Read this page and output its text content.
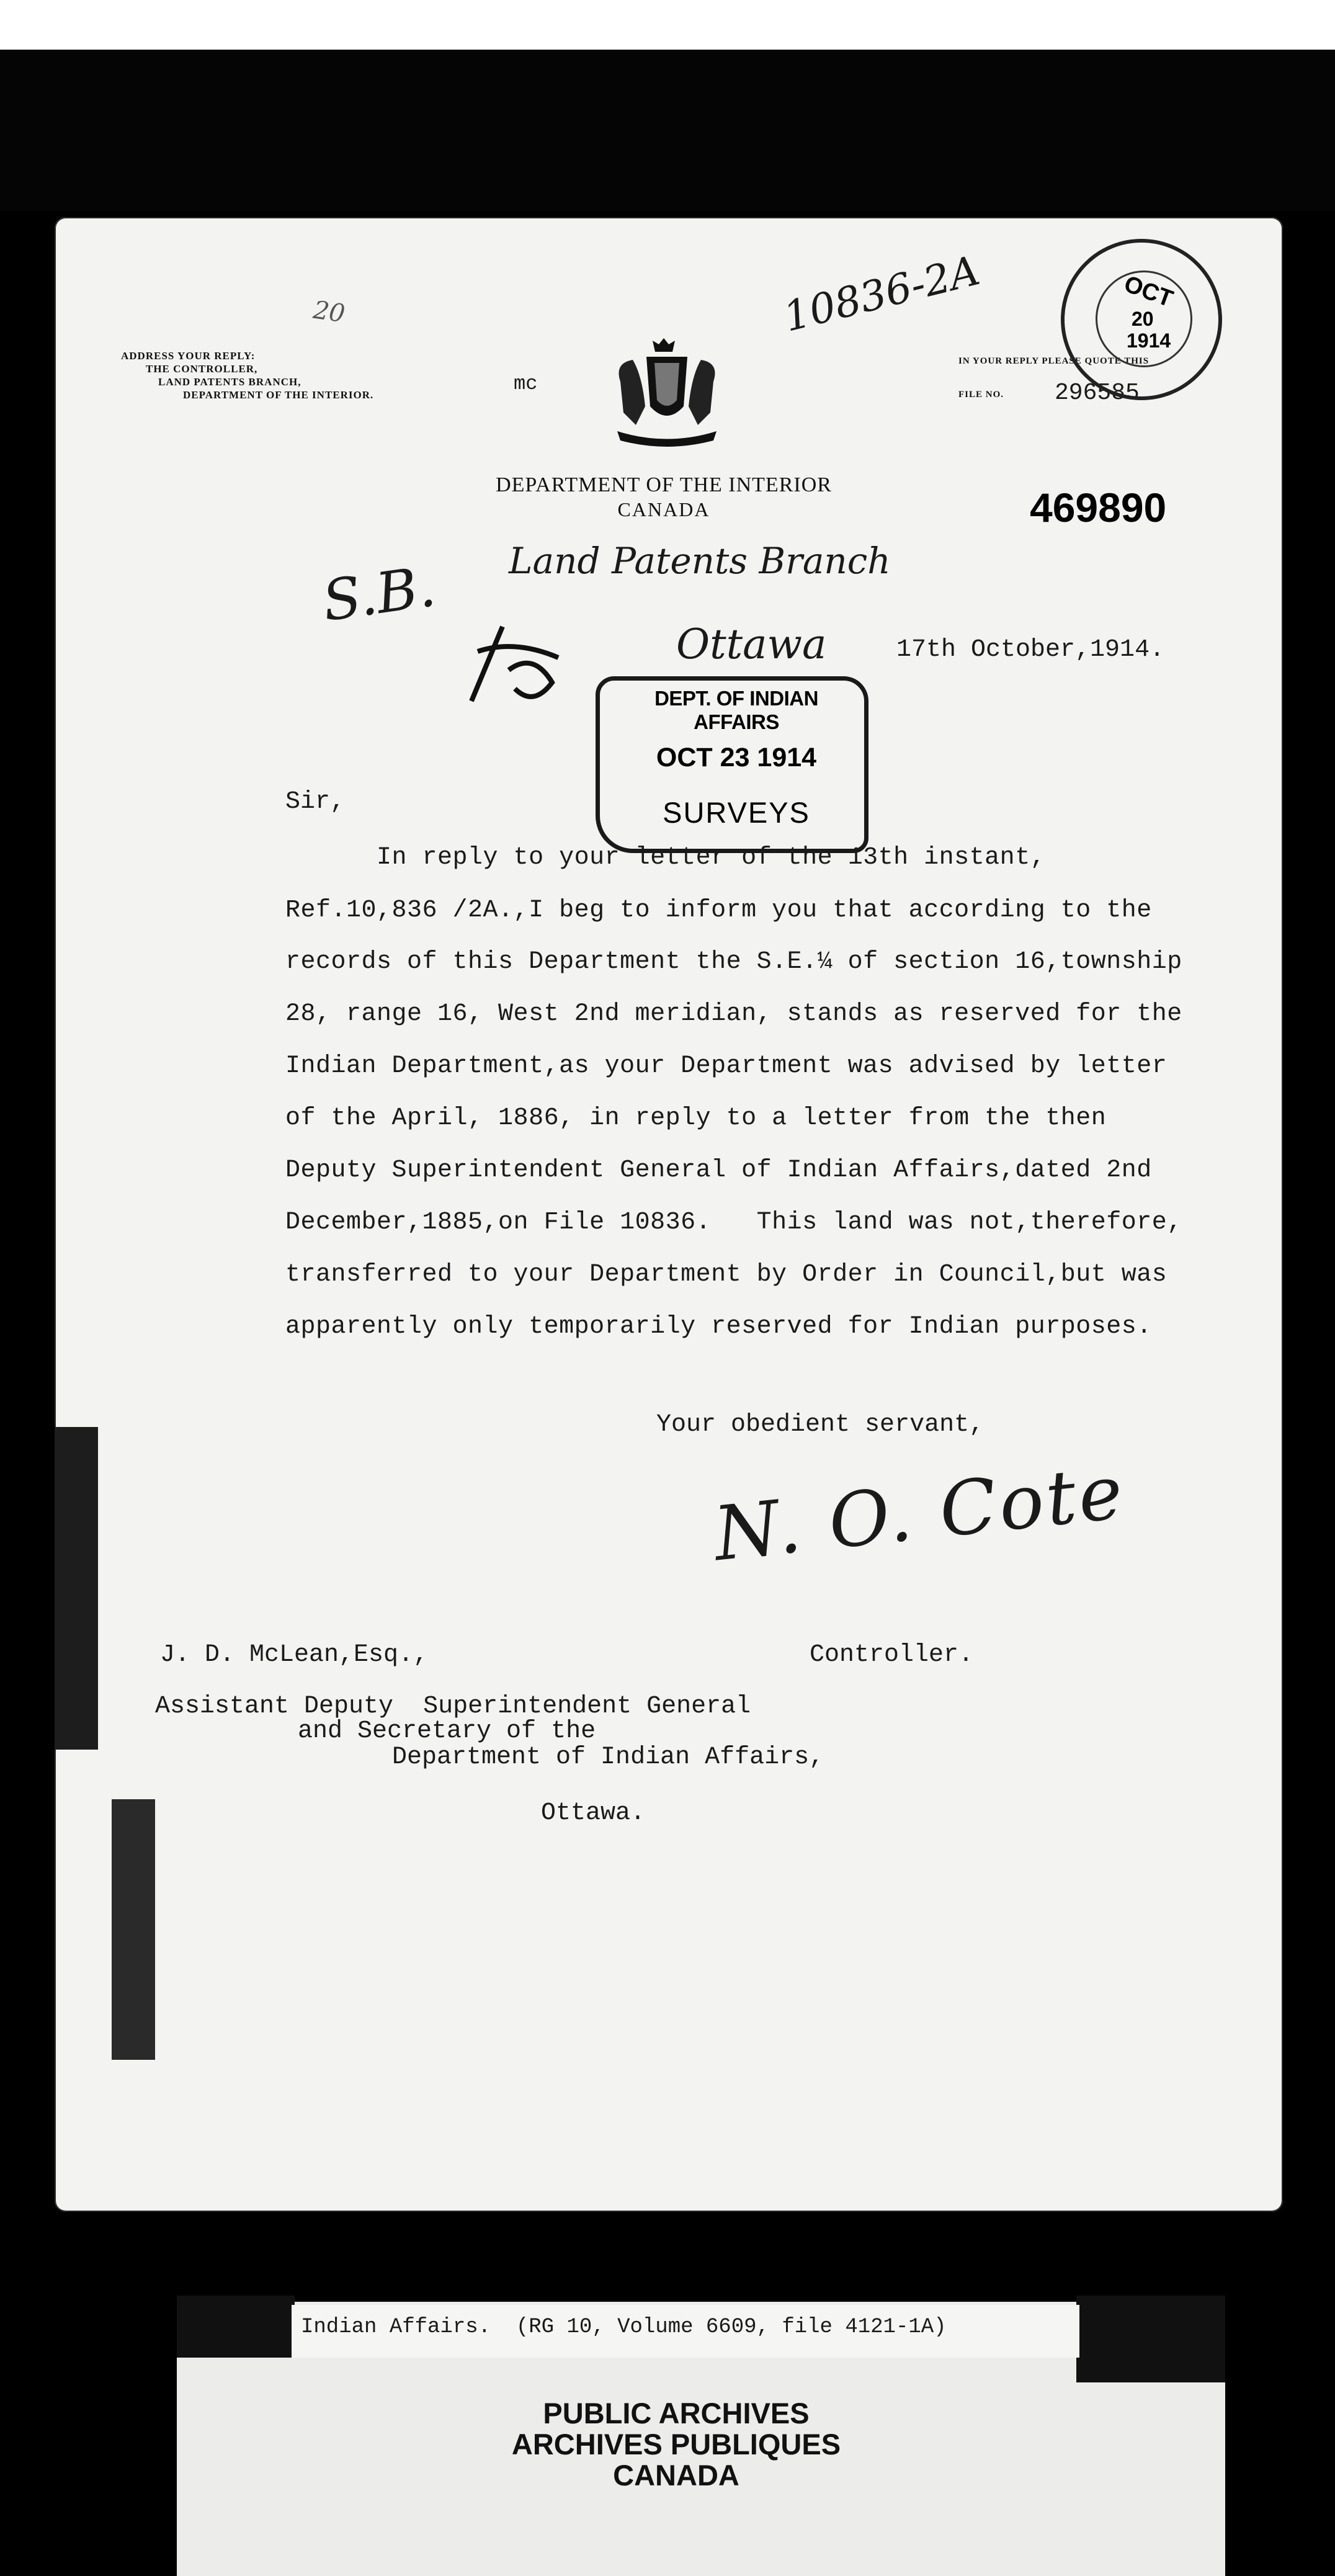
ADDRESS YOUR REPLY:
THE CONTROLLER,
LAND PATENTS BRANCH,
DEPARTMENT OF THE INTERIOR.	mc
IN YOUR REPLY PLEASE QUOTE THIS
FILE NO. 296585
OCT
20
1914
10836-2A
20
DEPARTMENT OF THE INTERIOR
CANADA	469890
Land Patents Branch
S.B.
Ottawa	17th October,1914.
DEPT. OF INDIAN AFFAIRS
OCT 23 1914
SURVEYS
Sir,
In reply to your letter of the 13th instant,
Ref.10,836 /2A.,I beg to inform you that according to the
records of this Department the S.E.¼ of section 16,township
28, range 16, West 2nd meridian, stands as reserved for the
Indian Department,as your Department was advised by letter
of the April, 1886, in reply to a letter from the then
Deputy Superintendent General of Indian Affairs,dated 2nd
December,1885,on File 10836.   This land was not,therefore,
transferred to your Department by Order in Council,but was
apparently only temporarily reserved for Indian purposes.
Your obedient servant,
N. O. Cote
Controller.
J. D. McLean,Esq.,
Assistant Deputy  Superintendent General
and Secretary of the
Department of Indian Affairs,
Ottawa.
Indian Affairs.  (RG 10, Volume 6609, file 4121-1A)
PUBLIC ARCHIVES
ARCHIVES PUBLIQUES
CANADA
